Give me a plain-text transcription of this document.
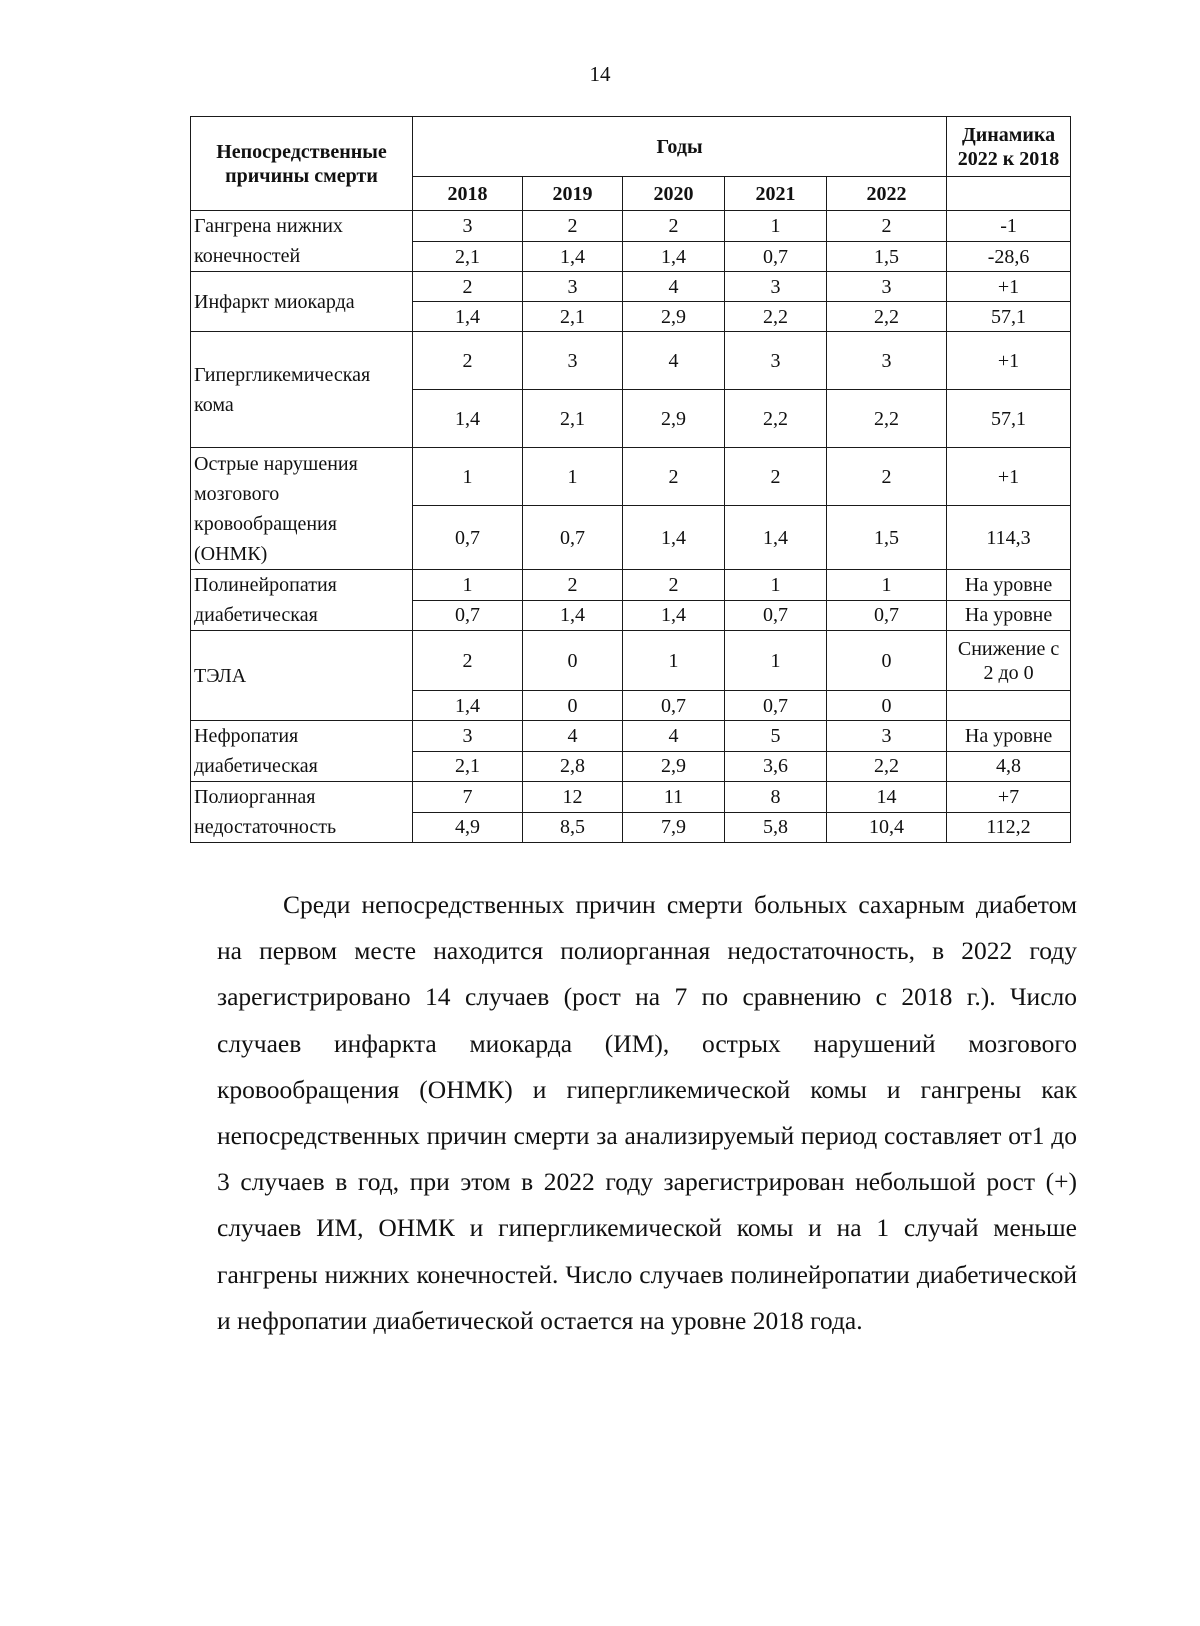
14
Непосредственные причины смерти	Годы					Динамика 2022 к 2018
	2018	2019	2020	2021	2022	
Гангрена нижних конечностей	3	2	2	1	2	-1
	2,1	1,4	1,4	0,7	1,5	-28,6
Инфаркт миокарда	2	3	4	3	3	+1
	1,4	2,1	2,9	2,2	2,2	57,1
Гипергликемическая кома	2	3	4	3	3	+1
	1,4	2,1	2,9	2,2	2,2	57,1
Острые нарушения мозгового кровообращения (ОНМК)	1	1	2	2	2	+1
	0,7	0,7	1,4	1,4	1,5	114,3
Полинейропатия диабетическая	1	2	2	1	1	На уровне
	0,7	1,4	1,4	0,7	0,7	На уровне
ТЭЛА	2	0	1	1	0	Снижение с 2 до 0
	1,4	0	0,7	0,7	0	
Нефропатия диабетическая	3	4	4	5	3	На уровне
	2,1	2,8	2,9	3,6	2,2	4,8
Полиорганная недостаточность	7	12	11	8	14	+7
	4,9	8,5	7,9	5,8	10,4	112,2

Среди непосредственных причин смерти больных сахарным диабетом на первом месте находится полиорганная недостаточность, в 2022 году зарегистрировано 14 случаев (рост на 7 по сравнению с 2018 г.). Число случаев инфаркта миокарда (ИМ), острых нарушений мозгового кровообращения (ОНМК) и гипергликемической комы и гангрены как непосредственных причин смерти за анализируемый период составляет от1 до 3 случаев в год, при этом в 2022 году зарегистрирован небольшой рост (+) случаев ИМ, ОНМК и гипергликемической комы и на 1 случай меньше гангрены нижних конечностей. Число случаев полинейропатии диабетической и нефропатии диабетической остается на уровне 2018 года.
